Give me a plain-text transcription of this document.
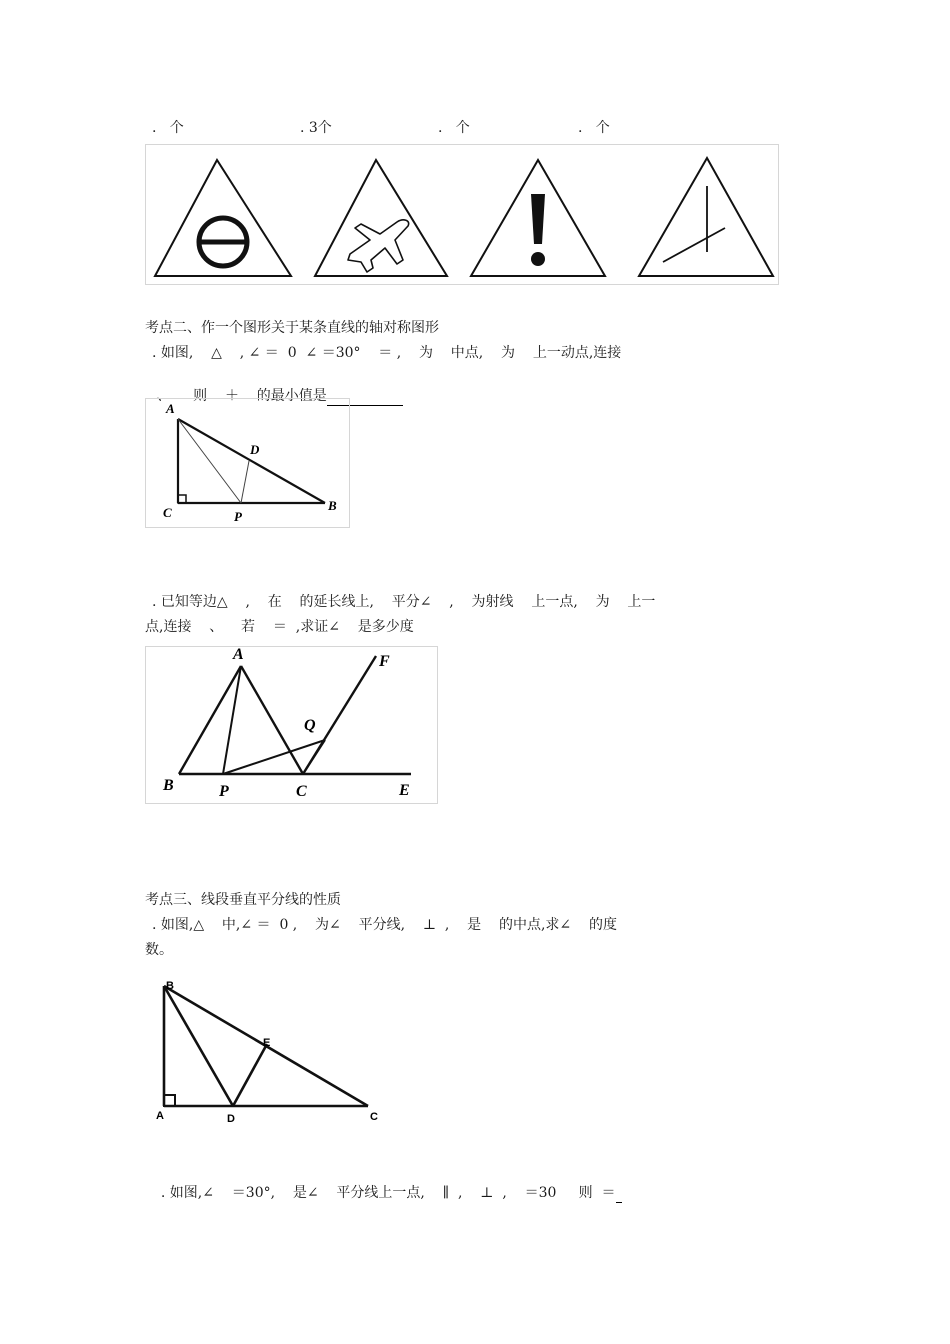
.   个	. 3个	.   个	.   个
考点二、作一个图形关于某条直线的轴对称图形
. 如图,    △    , ∠ ＝  0  ∠ ＝30°    ＝ ,    为    中点,    为    上一动点,连接

、     则    ＋    的最小值是

A
D
C	P
B
. 已知等边△    ,    在    的延长线上,    平分∠    ,    为射线    上一点,    为    上一
点,连接    、    若    ＝  ,求证∠    是多少度
A	F
Q
B	P	C	E
考点三、线段垂直平分线的性质
. 如图,△    中,∠ ＝  0 ,    为∠    平分线,    ⊥  ,    是    的中点,求∠    的度
数。
B
E
A	D	C

. 如图,∠    ＝30°,    是∠    平分线上一点,    ∥  ,    ⊥  ,    ＝30     则  ＝
